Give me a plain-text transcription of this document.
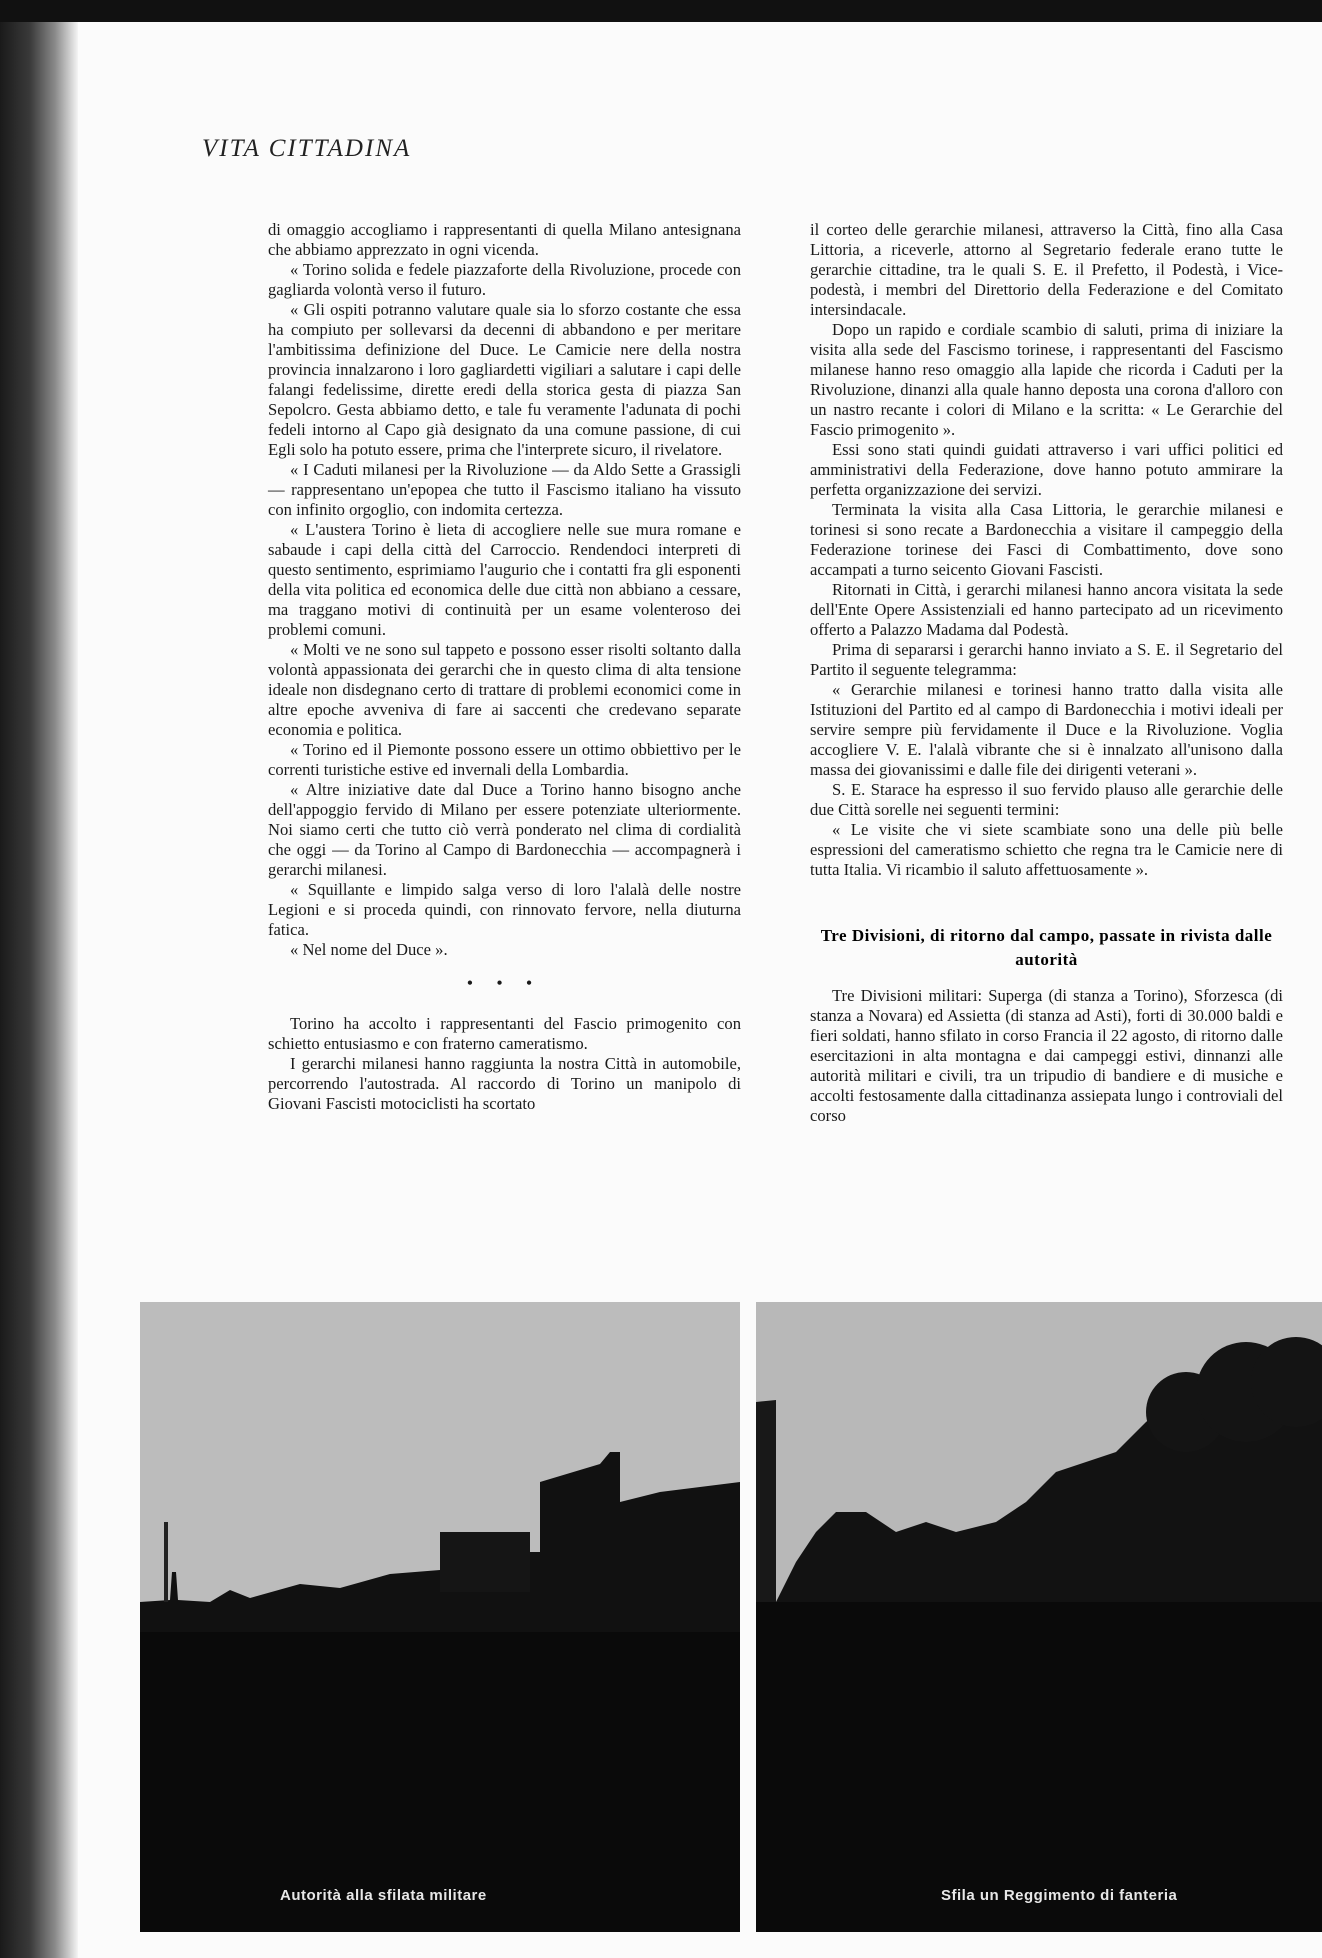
VITA CITTADINA

di omaggio accogliamo i rappresentanti di quella Milano antesignana che abbiamo apprezzato in ogni vicenda.

« Torino solida e fedele piazzaforte della Rivoluzione, procede con gagliarda volontà verso il futuro.

« Gli ospiti potranno valutare quale sia lo sforzo costante che essa ha compiuto per sollevarsi da decenni di abbandono e per meritare l'ambitissima definizione del Duce. Le Camicie nere della nostra provincia innalzarono i loro gagliardetti vigiliari a salutare i capi delle falangi fedelissime, dirette eredi della storica gesta di piazza San Sepolcro. Gesta abbiamo detto, e tale fu veramente l'adunata di pochi fedeli intorno al Capo già designato da una comune passione, di cui Egli solo ha potuto essere, prima che l'interprete sicuro, il rivelatore.

« I Caduti milanesi per la Rivoluzione — da Aldo Sette a Grassigli — rappresentano un'epopea che tutto il Fascismo italiano ha vissuto con infinito orgoglio, con indomita certezza.

« L'austera Torino è lieta di accogliere nelle sue mura romane e sabaude i capi della città del Carroccio. Rendendoci interpreti di questo sentimento, esprimiamo l'augurio che i contatti fra gli esponenti della vita politica ed economica delle due città non abbiano a cessare, ma traggano motivi di continuità per un esame volenteroso dei problemi comuni.

« Molti ve ne sono sul tappeto e possono esser risolti soltanto dalla volontà appassionata dei gerarchi che in questo clima di alta tensione ideale non disdegnano certo di trattare di problemi economici come in altre epoche avveniva di fare ai saccenti che credevano separate economia e politica.

« Torino ed il Piemonte possono essere un ottimo obbiettivo per le correnti turistiche estive ed invernali della Lombardia.

« Altre iniziative date dal Duce a Torino hanno bisogno anche dell'appoggio fervido di Milano per essere potenziate ulteriormente. Noi siamo certi che tutto ciò verrà ponderato nel clima di cordialità che oggi — da Torino al Campo di Bardonecchia — accompagnerà i gerarchi milanesi.

« Squillante e limpido salga verso di loro l'alalà delle nostre Legioni e si proceda quindi, con rinnovato fervore, nella diuturna fatica.

« Nel nome del Duce ».

• • •

Torino ha accolto i rappresentanti del Fascio primogenito con schietto entusiasmo e con fraterno cameratismo.

I gerarchi milanesi hanno raggiunta la nostra Città in automobile, percorrendo l'autostrada. Al raccordo di Torino un manipolo di Giovani Fascisti motociclisti ha scortato

il corteo delle gerarchie milanesi, attraverso la Città, fino alla Casa Littoria, a riceverle, attorno al Segretario federale erano tutte le gerarchie cittadine, tra le quali S. E. il Prefetto, il Podestà, i Vice-podestà, i membri del Direttorio della Federazione e del Comitato intersindacale.

Dopo un rapido e cordiale scambio di saluti, prima di iniziare la visita alla sede del Fascismo torinese, i rappresentanti del Fascismo milanese hanno reso omaggio alla lapide che ricorda i Caduti per la Rivoluzione, dinanzi alla quale hanno deposta una corona d'alloro con un nastro recante i colori di Milano e la scritta: « Le Gerarchie del Fascio primogenito ».

Essi sono stati quindi guidati attraverso i vari uffici politici ed amministrativi della Federazione, dove hanno potuto ammirare la perfetta organizzazione dei servizi.

Terminata la visita alla Casa Littoria, le gerarchie milanesi e torinesi si sono recate a Bardonecchia a visitare il campeggio della Federazione torinese dei Fasci di Combattimento, dove sono accampati a turno seicento Giovani Fascisti.

Ritornati in Città, i gerarchi milanesi hanno ancora visitata la sede dell'Ente Opere Assistenziali ed hanno partecipato ad un ricevimento offerto a Palazzo Madama dal Podestà.

Prima di separarsi i gerarchi hanno inviato a S. E. il Segretario del Partito il seguente telegramma:

« Gerarchie milanesi e torinesi hanno tratto dalla visita alle Istituzioni del Partito ed al campo di Bardonecchia i motivi ideali per servire sempre più fervidamente il Duce e la Rivoluzione. Voglia accogliere V. E. l'alalà vibrante che si è innalzato all'unisono dalla massa dei giovanissimi e dalle file dei dirigenti veterani ».

S. E. Starace ha espresso il suo fervido plauso alle gerarchie delle due Città sorelle nei seguenti termini:

« Le visite che vi siete scambiate sono una delle più belle espressioni del cameratismo schietto che regna tra le Camicie nere di tutta Italia. Vi ricambio il saluto affettuosamente ».

Tre Divisioni, di ritorno dal campo, passate in rivista dalle autorità

Tre Divisioni militari: Superga (di stanza a Torino), Sforzesca (di stanza a Novara) ed Assietta (di stanza ad Asti), forti di 30.000 baldi e fieri soldati, hanno sfilato in corso Francia il 22 agosto, di ritorno dalle esercitazioni in alta montagna e dai campeggi estivi, dinnanzi alle autorità militari e civili, tra un tripudio di bandiere e di musiche e accolti festosamente dalla cittadinanza assiepata lungo i controviali del corso

Autorità alla sfilata militare	Sfila un Reggimento di fanteria
